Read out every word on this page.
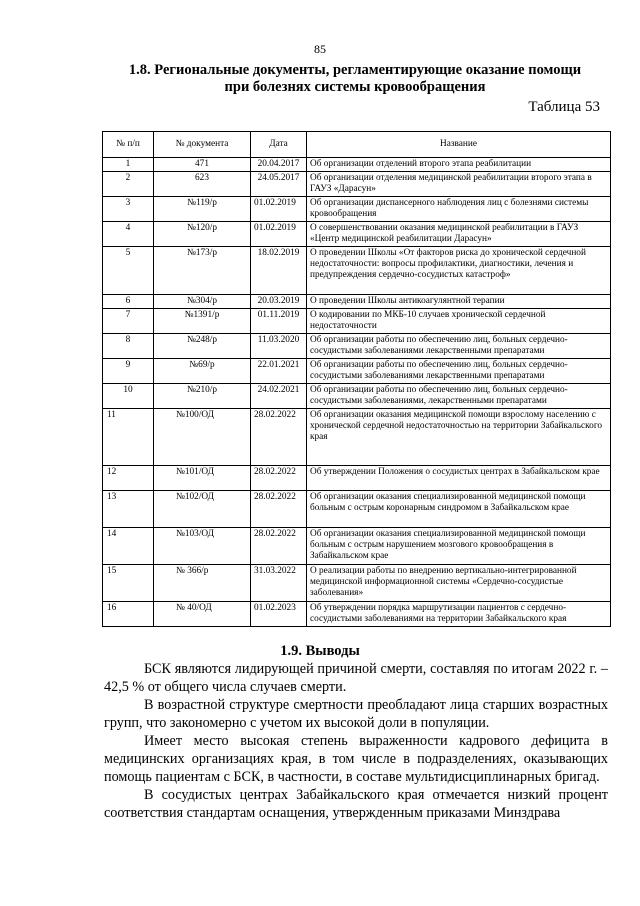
85
1.8. Региональные документы, регламентирующие оказание помощи при болезнях системы кровообращения
Таблица 53
№ п/п	№ документа	Дата	Название
1	471	20.04.2017	Об организации отделений второго этапа реабилитации
2	623	24.05.2017	Об организации отделения медицинской реабилитации второго этапа в ГАУЗ «Дарасун»
3	№119/р	01.02.2019	Об организации диспансерного наблюдения лиц с болезнями системы кровообращения
4	№120/р	01.02.2019	О совершенствовании оказания медицинской реабилитации в ГАУЗ «Центр медицинской реабилитации Дарасун»
5	№173/р	18.02.2019	О проведении Школы «От факторов риска до хронической сердечной недостаточности: вопросы профилактики, диагностики, лечения и предупреждения сердечно-сосудистых катастроф»
6	№304/р	20.03.2019	О проведении Школы антикоагулянтной терапии
7	№1391/р	01.11.2019	О кодировании по МКБ-10 случаев хронической сердечной недостаточности
8	№248/р	11.03.2020	Об организации работы по обеспечению лиц, больных сердечно-сосудистыми заболеваниями лекарственными препаратами
9	№69/р	22.01.2021	Об организации работы по обеспечению лиц, больных сердечно-сосудистыми заболеваниями лекарственными препаратами
10	№210/р	24.02.2021	Об организации работы по обеспечению лиц, больных сердечно-сосудистыми заболеваниями, лекарственными препаратами
11	№100/ОД	28.02.2022	Об организации оказания медицинской помощи взрослому населению с хронической сердечной недостаточностью на территории Забайкальского края
12	№101/ОД	28.02.2022	Об утверждении Положения о сосудистых центрах в Забайкальском крае
13	№102/ОД	28.02.2022	Об организации оказания специализированной медицинской помощи больным с острым коронарным синдромом в Забайкальском крае
14	№103/ОД	28.02.2022	Об организации оказания специализированной медицинской помощи больным с острым нарушением мозгового кровообращения в Забайкальском крае
15	№ 366/р	31.03.2022	О реализации работы по внедрению вертикально-интегрированной медицинской информационной системы «Сердечно-сосудистые заболевания»
16	№ 40/ОД	01.02.2023	Об утверждении порядка маршрутизации пациентов с сердечно-сосудистыми заболеваниями на территории Забайкальского края
1.9. Выводы

БСК являются лидирующей причиной смерти, составляя по итогам 2022 г. – 42,5 % от общего числа случаев смерти.

В возрастной структуре смертности преобладают лица старших возрастных групп, что закономерно с учетом их высокой доли в популяции.

Имеет место высокая степень выраженности кадрового дефицита в медицинских организациях края, в том числе в подразделениях, оказывающих помощь пациентам с БСК, в частности, в составе мультидисциплинарных бригад.

В сосудистых центрах Забайкальского края отмечается низкий процент соответствия стандартам оснащения, утвержденным приказами Минздрава
